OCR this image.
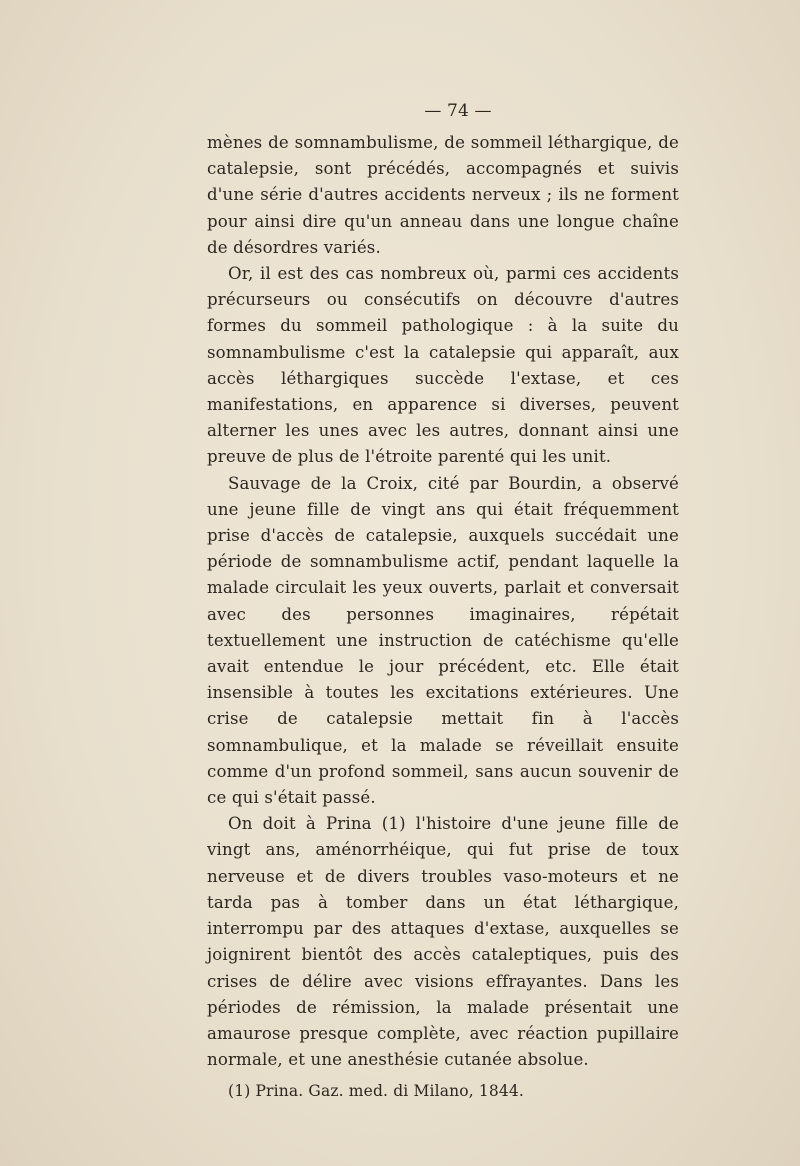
— 74 —

mènes de somnambulisme, de sommeil léthargique, de catalepsie, sont précédés, accompagnés et suivis d'une série d'autres accidents nerveux ; ils ne forment pour ainsi dire qu'un anneau dans une longue chaîne de désordres variés.

Or, il est des cas nombreux où, parmi ces accidents précurseurs ou consécutifs on découvre d'autres formes du sommeil pathologique : à la suite du somnambulisme c'est la catalepsie qui apparaît, aux accès léthargiques succède l'extase, et ces manifestations, en apparence si diverses, peuvent alterner les unes avec les autres, donnant ainsi une preuve de plus de l'étroite parenté qui les unit.

Sauvage de la Croix, cité par Bourdin, a observé une jeune fille de vingt ans qui était fréquemment prise d'accès de catalepsie, auxquels succédait une période de somnambulisme actif, pendant laquelle la malade circulait les yeux ouverts, parlait et conversait avec des personnes imaginaires, répétait textuellement une instruction de catéchisme qu'elle avait entendue le jour précédent, etc. Elle était insensible à toutes les excitations extérieures. Une crise de catalepsie mettait fin à l'accès somnambulique, et la malade se réveillait ensuite comme d'un profond sommeil, sans aucun souvenir de ce qui s'était passé.

On doit à Prina (1) l'histoire d'une jeune fille de vingt ans, aménorrhéique, qui fut prise de toux nerveuse et de divers troubles vaso-moteurs et ne tarda pas à tomber dans un état léthargique, interrompu par des attaques d'extase, auxquelles se joignirent bientôt des accès cataleptiques, puis des crises de délire avec visions effrayantes. Dans les périodes de rémission, la malade présentait une amaurose presque complète, avec réaction pupillaire normale, et une anesthésie cutanée absolue.

(1) Prina. Gaz. med. di Milano, 1844.
